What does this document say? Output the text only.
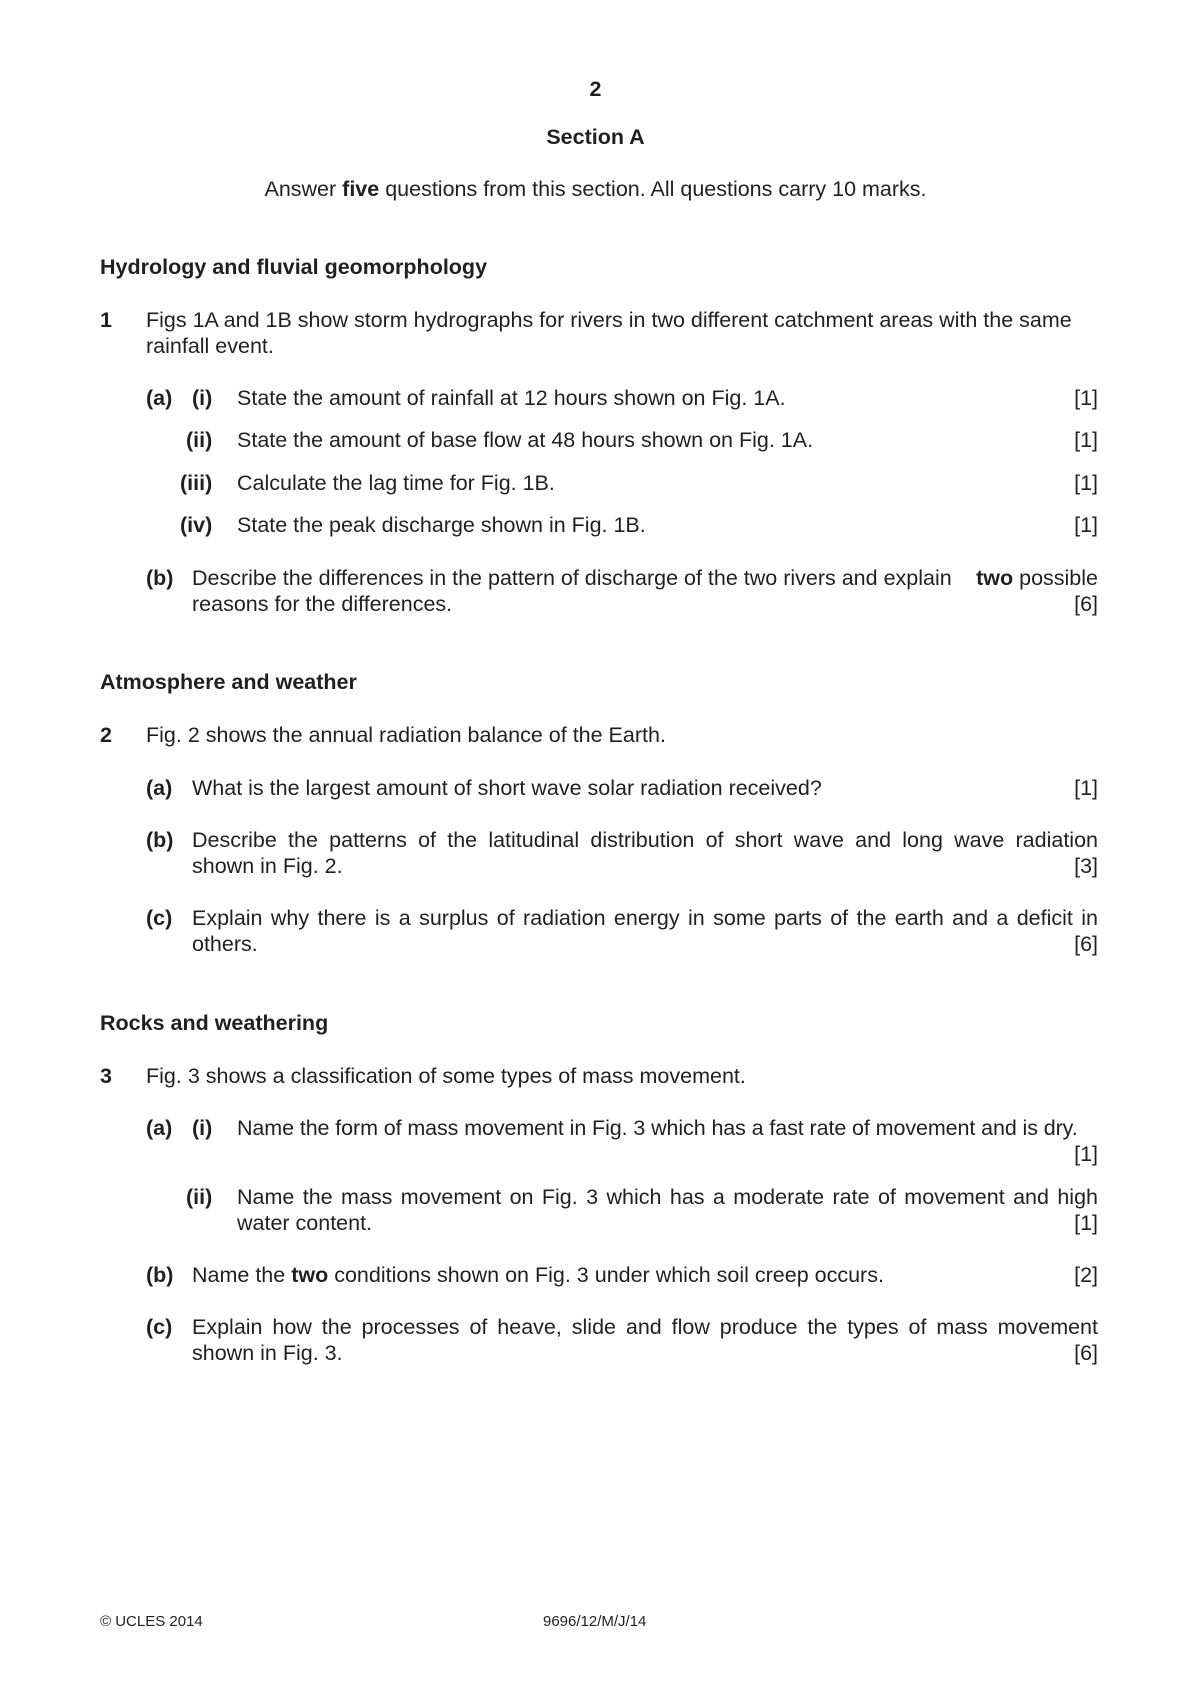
2
Section A
Answer five questions from this section. All questions carry 10 marks.
Hydrology and fluvial geomorphology
1 Figs 1A and 1B show storm hydrographs for rivers in two different catchment areas with the same rainfall event.
(a) (i) State the amount of rainfall at 12 hours shown on Fig. 1A.	[1]
(ii) State the amount of base flow at 48 hours shown on Fig. 1A.	[1]
(iii) Calculate the lag time for Fig. 1B.	[1]
(iv) State the peak discharge shown in Fig. 1B.	[1]
(b) Describe the differences in the pattern of discharge of the two rivers and explain two possible
reasons for the differences.	[6]
Atmosphere and weather
2 Fig. 2 shows the annual radiation balance of the Earth.
(a) What is the largest amount of short wave solar radiation received?	[1]
(b) Describe the patterns of the latitudinal distribution of short wave and long wave radiation
shown in Fig. 2.	[3]
(c) Explain why there is a surplus of radiation energy in some parts of the earth and a deficit in
others.	[6]
Rocks and weathering
3 Fig. 3 shows a classification of some types of mass movement.
(a) (i) Name the form of mass movement in Fig. 3 which has a fast rate of movement and is dry.
[1]
(ii) Name the mass movement on Fig. 3 which has a moderate rate of movement and high
water content.	[1]
(b) Name the two conditions shown on Fig. 3 under which soil creep occurs.	[2]
(c) Explain how the processes of heave, slide and flow produce the types of mass movement
shown in Fig. 3.	[6]
© UCLES 2014	9696/12/M/J/14
